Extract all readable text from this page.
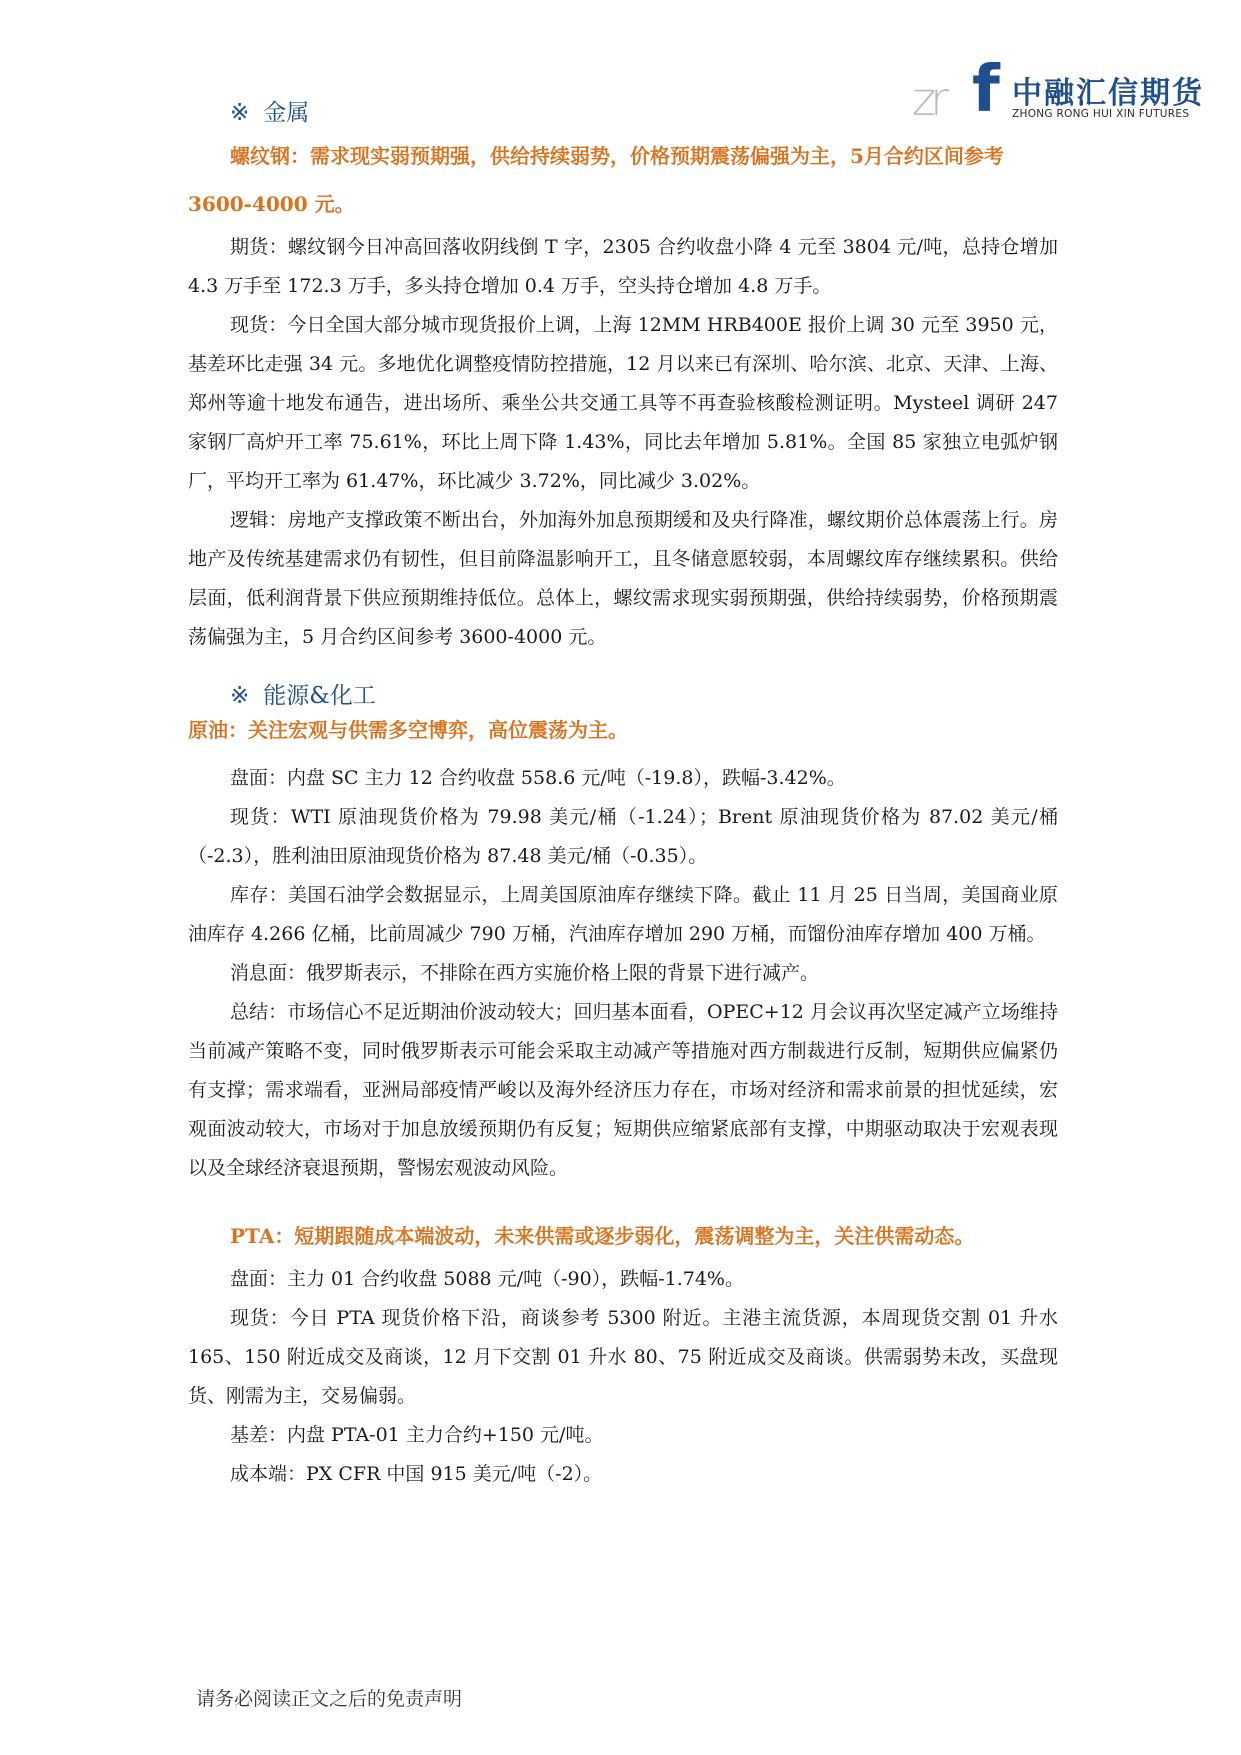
zr f 中融汇信期货
ZHONG RONG HUI XIN FUTURES
※ 金属
螺纹钢：需求现实弱预期强，供给持续弱势，价格预期震荡偏强为主，5月合约区间参考 3600-4000 元。

期货：螺纹钢今日冲高回落收阴线倒 T 字，2305 合约收盘小降 4 元至 3804 元/吨，总持仓增加 4.3 万手至 172.3 万手，多头持仓增加 0.4 万手，空头持仓增加 4.8 万手。

现货：今日全国大部分城市现货报价上调，上海 12MM HRB400E 报价上调 30 元至 3950 元，基差环比走强 34 元。多地优化调整疫情防控措施，12 月以来已有深圳、哈尔滨、北京、天津、上海、郑州等逾十地发布通告，进出场所、乘坐公共交通工具等不再查验核酸检测证明。Mysteel 调研 247 家钢厂高炉开工率 75.61%，环比上周下降 1.43%，同比去年增加 5.81%。全国 85 家独立电弧炉钢厂，平均开工率为 61.47%，环比减少 3.72%，同比减少 3.02%。

逻辑：房地产支撑政策不断出台，外加海外加息预期缓和及央行降准，螺纹期价总体震荡上行。房地产及传统基建需求仍有韧性，但目前降温影响开工，且冬储意愿较弱，本周螺纹库存继续累积。供给层面，低利润背景下供应预期维持低位。总体上，螺纹需求现实弱预期强，供给持续弱势，价格预期震荡偏强为主，5 月合约区间参考 3600-4000 元。

※ 能源&化工
原油：关注宏观与供需多空博弈，高位震荡为主。

盘面：内盘 SC 主力 12 合约收盘 558.6 元/吨（-19.8），跌幅-3.42%。

现货：WTI 原油现货价格为 79.98 美元/桶（-1.24）；Brent 原油现货价格为 87.02 美元/桶（-2.3），胜利油田原油现货价格为 87.48 美元/桶（-0.35）。

库存：美国石油学会数据显示，上周美国原油库存继续下降。截止 11 月 25 日当周，美国商业原油库存 4.266 亿桶，比前周减少 790 万桶，汽油库存增加 290 万桶，而馏份油库存增加 400 万桶。

消息面：俄罗斯表示，不排除在西方实施价格上限的背景下进行减产。

总结：市场信心不足近期油价波动较大；回归基本面看，OPEC+12 月会议再次坚定减产立场维持当前减产策略不变，同时俄罗斯表示可能会采取主动减产等措施对西方制裁进行反制，短期供应偏紧仍有支撑；需求端看，亚洲局部疫情严峻以及海外经济压力存在，市场对经济和需求前景的担忧延续，宏观面波动较大，市场对于加息放缓预期仍有反复；短期供应缩紧底部有支撑，中期驱动取决于宏观表现以及全球经济衰退预期，警惕宏观波动风险。

PTA：短期跟随成本端波动，未来供需或逐步弱化，震荡调整为主，关注供需动态。

盘面：主力 01 合约收盘 5088 元/吨（-90），跌幅-1.74%。

现货：今日 PTA 现货价格下沿，商谈参考 5300 附近。主港主流货源，本周现货交割 01 升水 165、150 附近成交及商谈，12 月下交割 01 升水 80、75 附近成交及商谈。供需弱势未改，买盘现货、刚需为主，交易偏弱。

基差：内盘 PTA-01 主力合约+150 元/吨。

成本端：PX CFR 中国 915 美元/吨（-2）。

请务必阅读正文之后的免责声明
